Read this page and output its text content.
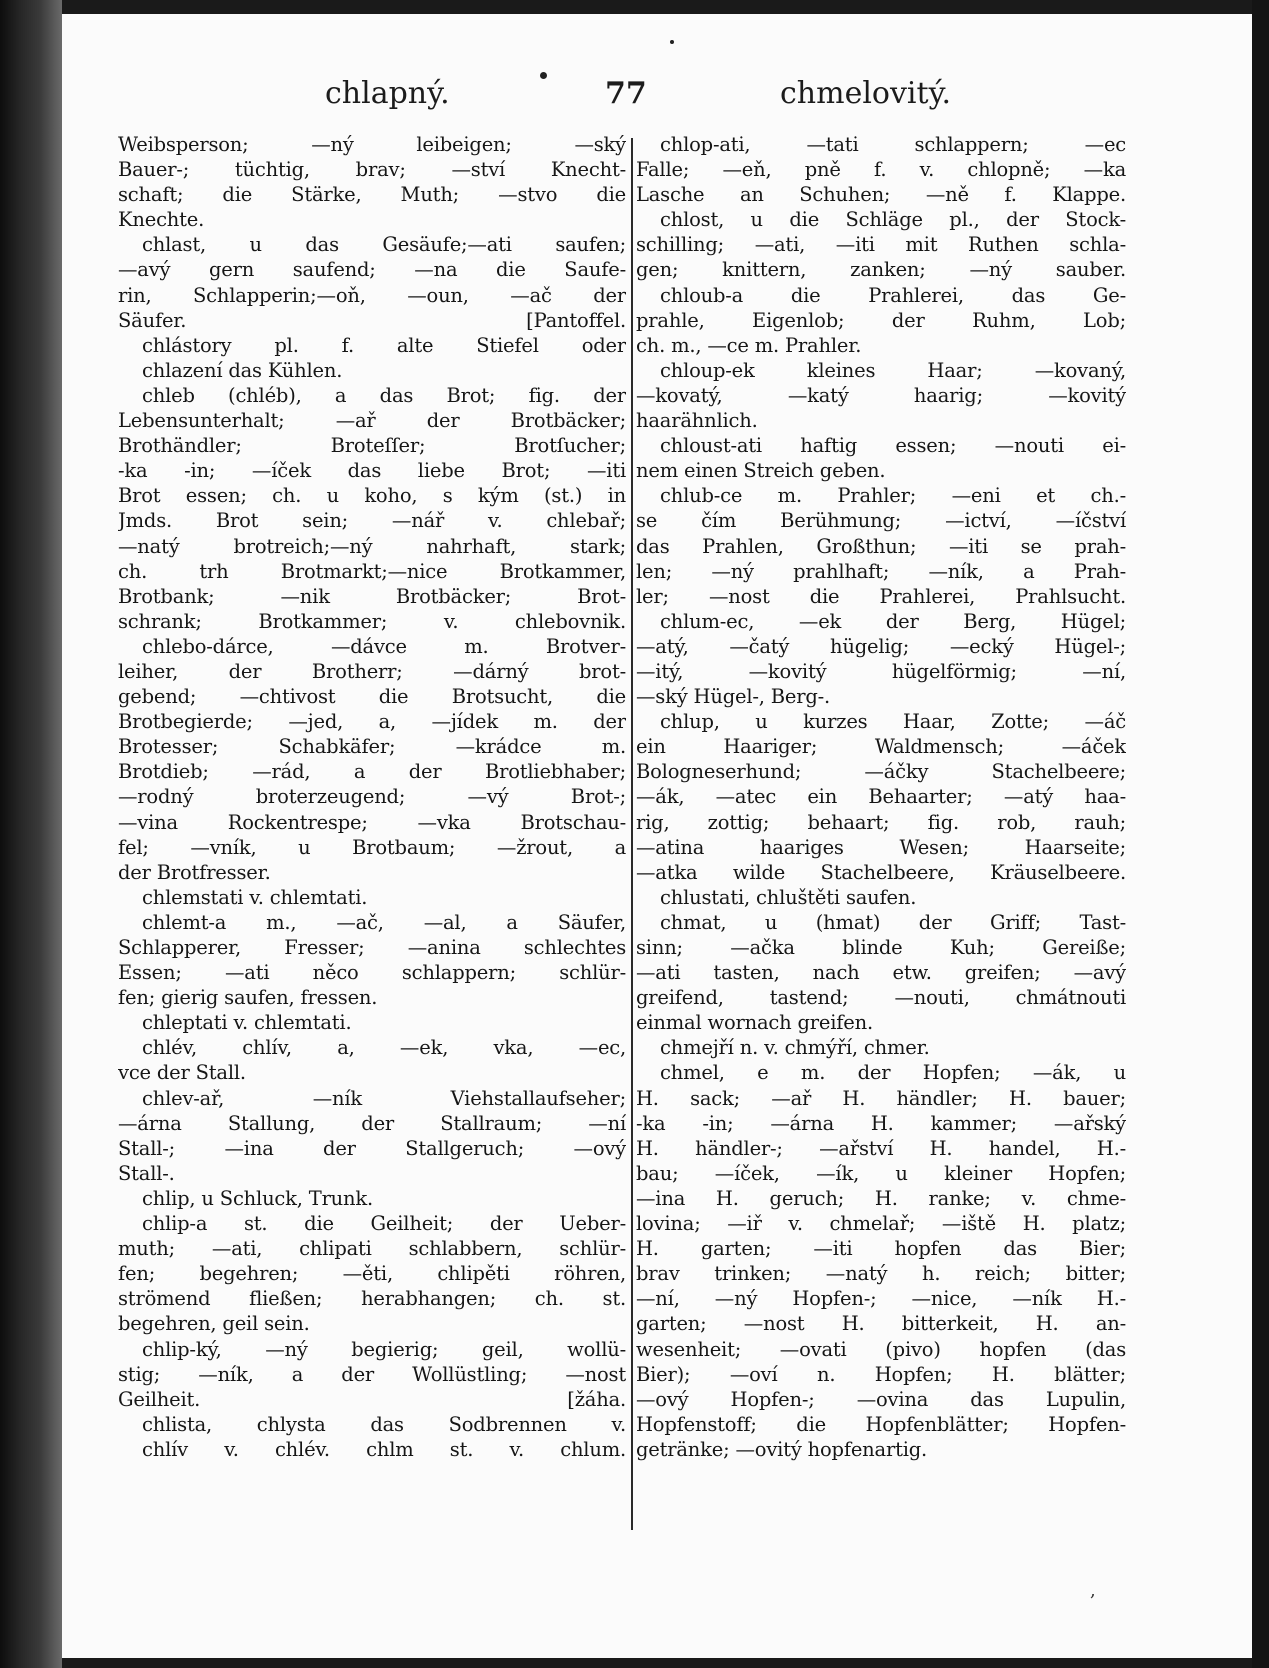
chlapný.	77	chmelovitý.
Weibsperson; —ný leibeigen; —ský
Bauer-; tüchtig, brav; —ství Knecht-
schaft; die Stärke, Muth; —stvo die
Knechte.
chlast, u das Gesäufe;—ati saufen;
—avý gern saufend; —na die Saufe-
rin, Schlapperin;—oň, —oun, —ač der
Säufer. [Pantoffel.
chlástory pl. f. alte Stiefel oder
chlazení das Kühlen.
chleb (chléb), a das Brot; fig. der
Lebensunterhalt; —ař der Brotbäcker;
Brothändler; Broteſſer; Brotſucher;
-ka -in; —íček das liebe Brot; —iti
Brot essen; ch. u koho, s kým (st.) in
Jmds. Brot sein; —nář v. chlebař;
—natý brotreich;—ný nahrhaft, stark;
ch. trh Brotmarkt;—nice Brotkammer,
Brotbank; —nik Brotbäcker; Brot-
schrank; Brotkammer; v. chlebovnik.
chlebo-dárce, —dávce m. Brotver-
leiher, der Brotherr; —dárný brot-
gebend; —chtivost die Brotsucht, die
Brotbegierde; —jed, a, —jídek m. der
Brotesser; Schabkäfer; —krádce m.
Brotdieb; —rád, a der Brotliebhaber;
—rodný broterzeugend; —vý Brot-;
—vina Rockentrespe; —vka Brotschau-
fel; —vník, u Brotbaum; —žrout, a
der Brotfresser.
chlemstati v. chlemtati.
chlemt-a m., —ač, —al, a Säufer,
Schlapperer, Fresser; —anina schlechtes
Essen; —ati něco schlappern; schlür-
fen; gierig saufen, fressen.
chleptati v. chlemtati.
chlév, chlív, a, —ek, vka, —ec,
vce der Stall.
chlev-ař, —ník Viehstallaufseher;
—árna Stallung, der Stallraum; —ní
Stall-; —ina der Stallgeruch; —ový
Stall-.
chlip, u Schluck, Trunk.
chlip-a st. die Geilheit; der Ueber-
muth; —ati, chlipati schlabbern, schlür-
fen; begehren; —ěti, chlipěti röhren,
strömend fließen; herabhangen; ch. st.
begehren, geil sein.
chlip-ký, —ný begierig; geil, wollü-
stig; —ník, a der Wollüstling; —nost
Geilheit. [žáha.
chlista, chlysta das Sodbrennen v.
chlív v. chlév. chlm st. v. chlum.
chlop-ati, —tati schlappern; —ec
Falle; —eň, pně f. v. chlopně; —ka
Lasche an Schuhen; —ně f. Klappe.
chlost, u die Schläge pl., der Stock-
schilling; —ati, —iti mit Ruthen schla-
gen; knittern, zanken; —ný sauber.
chloub-a die Prahlerei, das Ge-
prahle, Eigenlob; der Ruhm, Lob;
ch. m., —ce m. Prahler.
chloup-ek kleines Haar; —kovaný,
—kovatý, —katý haarig; —kovitý
haarähnlich.
chloust-ati haftig essen; —nouti ei-
nem einen Streich geben.
chlub-ce m. Prahler; —eni et ch.-
se čím Berühmung; —ictví, —íčství
das Prahlen, Großthun; —iti se prah-
len; —ný prahlhaft; —ník, a Prah-
ler; —nost die Prahlerei, Prahlsucht.
chlum-ec, —ek der Berg, Hügel;
—atý, —čatý hügelig; —ecký Hügel-;
—itý, —kovitý hügelförmig; —ní,
—ský Hügel-, Berg-.
chlup, u kurzes Haar, Zotte; —áč
ein Haariger; Waldmensch; —áček
Bologneserhund; —áčky Stachelbeere;
—ák, —atec ein Behaarter; —atý haa-
rig, zottig; behaart; fig. rob, rauh;
—atina haariges Wesen; Haarseite;
—atka wilde Stachelbeere, Kräuselbeere.
chlustati, chluštěti saufen.
chmat, u (hmat) der Griff; Tast-
sinn; —ačka blinde Kuh; Gereiße;
—ati tasten, nach etw. greifen; —avý
greifend, tastend; —nouti, chmátnouti
einmal wornach greifen.
chmejří n. v. chmýří, chmer.
chmel, e m. der Hopfen; —ák, u
H. sack; —ař H. händler; H. bauer;
-ka -in; —árna H. kammer; —ařský
H. händler-; —ařství H. handel, H.-
bau; —íček, —ík, u kleiner Hopfen;
—ina H. geruch; H. ranke; v. chme-
lovina; —iř v. chmelař; —iště H. platz;
H. garten; —iti hopfen das Bier;
brav trinken; —natý h. reich; bitter;
—ní, —ný Hopfen-; —nice, —ník H.-
garten; —nost H. bitterkeit, H. an-
wesenheit; —ovati (pivo) hopfen (das
Bier); —oví n. Hopfen; H. blätter;
—ový Hopfen-; —ovina das Lupulin,
Hopfenstoff; die Hopfenblätter; Hopfen-
getränke; —ovitý hopfenartig.
,
